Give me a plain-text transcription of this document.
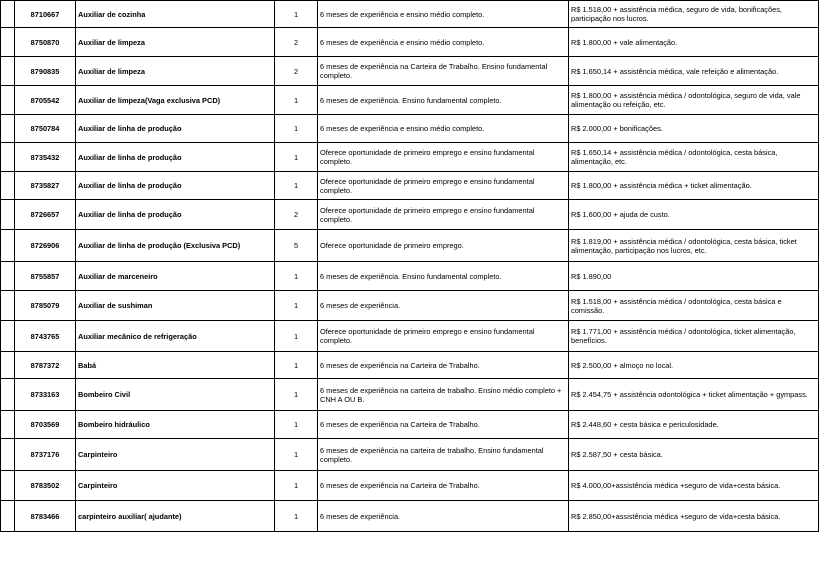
	8710667	Auxiliar de cozinha	1	6 meses de experiência e ensino médio completo.	R$ 1.518,00 + assistência médica, seguro de vida, bonificações, participação nos lucros.
	8750870	Auxiliar de limpeza	2	6 meses de experiência e ensino médio completo.	R$ 1.800,00 + vale alimentação.
	8790835	Auxiliar de limpeza	2	6 meses de experiência na Carteira de Trabalho. Ensino fundamental completo.	R$ 1.650,14 + assistência médica, vale refeição e alimentação.
	8705542	Auxiliar de limpeza(Vaga exclusiva PCD)	1	6 meses de experiência. Ensino fundamental completo.	R$ 1.800,00 + assistência médica / odontológica, seguro de vida, vale alimentação ou refeição, etc.
	8750784	Auxiliar de linha de produção	1	6 meses de experiência e ensino médio completo.	R$ 2.000,00 + bonificações.
	8735432	Auxiliar de linha de produção	1	Oferece oportunidade de primeiro emprego e ensino fundamental completo.	R$ 1.650,14 + assistência médica / odontológica, cesta básica, alimentação, etc.
	8735827	Auxiliar de linha de produção	1	Oferece oportunidade de primeiro emprego e ensino fundamental completo.	R$ 1.800,00 + assistência médica + ticket alimentação.
	8726657	Auxiliar de linha de produção	2	Oferece oportunidade de primeiro emprego e ensino fundamental completo.	R$ 1.600,00 + ajuda de custo.
	8726906	Auxiliar de linha de produção (Exclusiva PCD)	5	Oferece oportunidade de primeiro emprego.	R$ 1.819,00 + assistência médica / odontológica, cesta básica, ticket alimentação, participação nos lucros, etc.
	8755857	Auxiliar de marceneiro	1	6 meses de experiência. Ensino fundamental completo.	R$ 1.890,00
	8785079	Auxiliar de sushiman	1	6 meses de experiência.	R$ 1.518,00 + assistência médica / odontológica, cesta básica e comissão.
	8743765	Auxiliar mecânico de refrigeração	1	Oferece oportunidade de primeiro emprego e ensino fundamental completo.	R$ 1.771,00 + assistência médica / odontológica, ticket alimentação, benefícios.
	8787372	Babá	1	6 meses de experiência na Carteira de Trabalho.	R$ 2.500,00 + almoço no local.
	8733163	Bombeiro Civil	1	6 meses de experiência na carteira de trabalho. Ensino médio completo + CNH A OU B.	R$ 2.454,75 + assistência odontológica + ticket alimentação + gympass.
	8703569	Bombeiro hidráulico	1	6 meses de experiência na Carteira de Trabalho.	R$ 2.448,60 + cesta básica e periculosidade.
	8737176	Carpinteiro	1	6 meses de experiência na carteira de trabalho. Ensino fundamental completo.	R$ 2.587,50 + cesta básica.
	8783502	Carpinteiro	1	6 meses de experiência na Carteira de Trabalho.	R$ 4.000,00+assistência médica +seguro de vida+cesta básica.
	8783466	carpinteiro auxiliar( ajudante)	1	6 meses de experiência.	R$ 2.850,00+assistência médica +seguro de vida+cesta básica.
